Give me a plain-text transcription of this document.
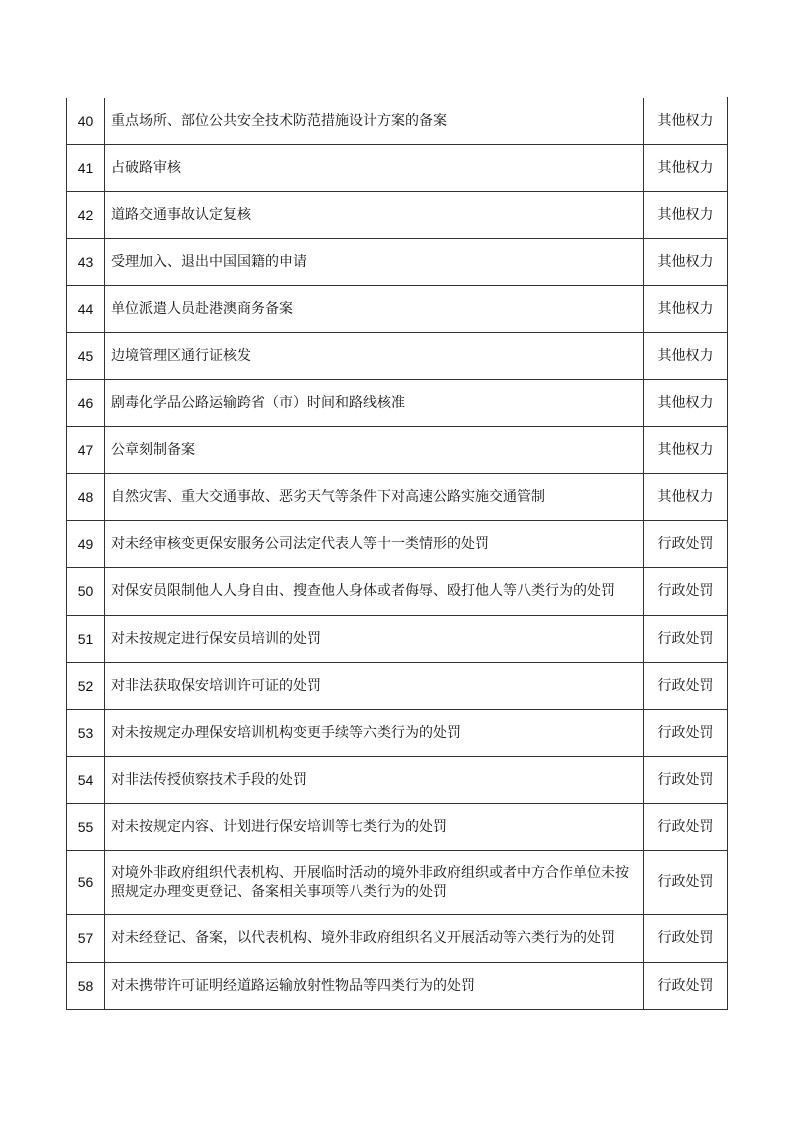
40	重点场所、部位公共安全技术防范措施设计方案的备案	其他权力
41	占破路审核	其他权力
42	道路交通事故认定复核	其他权力
43	受理加入、退出中国国籍的申请	其他权力
44	单位派遣人员赴港澳商务备案	其他权力
45	边境管理区通行证核发	其他权力
46	剧毒化学品公路运输跨省（市）时间和路线核准	其他权力
47	公章刻制备案	其他权力
48	自然灾害、重大交通事故、恶劣天气等条件下对高速公路实施交通管制	其他权力
49	对未经审核变更保安服务公司法定代表人等十一类情形的处罚	行政处罚
50	对保安员限制他人人身自由、搜查他人身体或者侮辱、殴打他人等八类行为的处罚	行政处罚
51	对未按规定进行保安员培训的处罚	行政处罚
52	对非法获取保安培训许可证的处罚	行政处罚
53	对未按规定办理保安培训机构变更手续等六类行为的处罚	行政处罚
54	对非法传授侦察技术手段的处罚	行政处罚
55	对未按规定内容、计划进行保安培训等七类行为的处罚	行政处罚
56	对境外非政府组织代表机构、开展临时活动的境外非政府组织或者中方合作单位未按照规定办理变更登记、备案相关事项等八类行为的处罚	行政处罚
57	对未经登记、备案，以代表机构、境外非政府组织名义开展活动等六类行为的处罚	行政处罚
58	对未携带许可证明经道路运输放射性物品等四类行为的处罚	行政处罚
